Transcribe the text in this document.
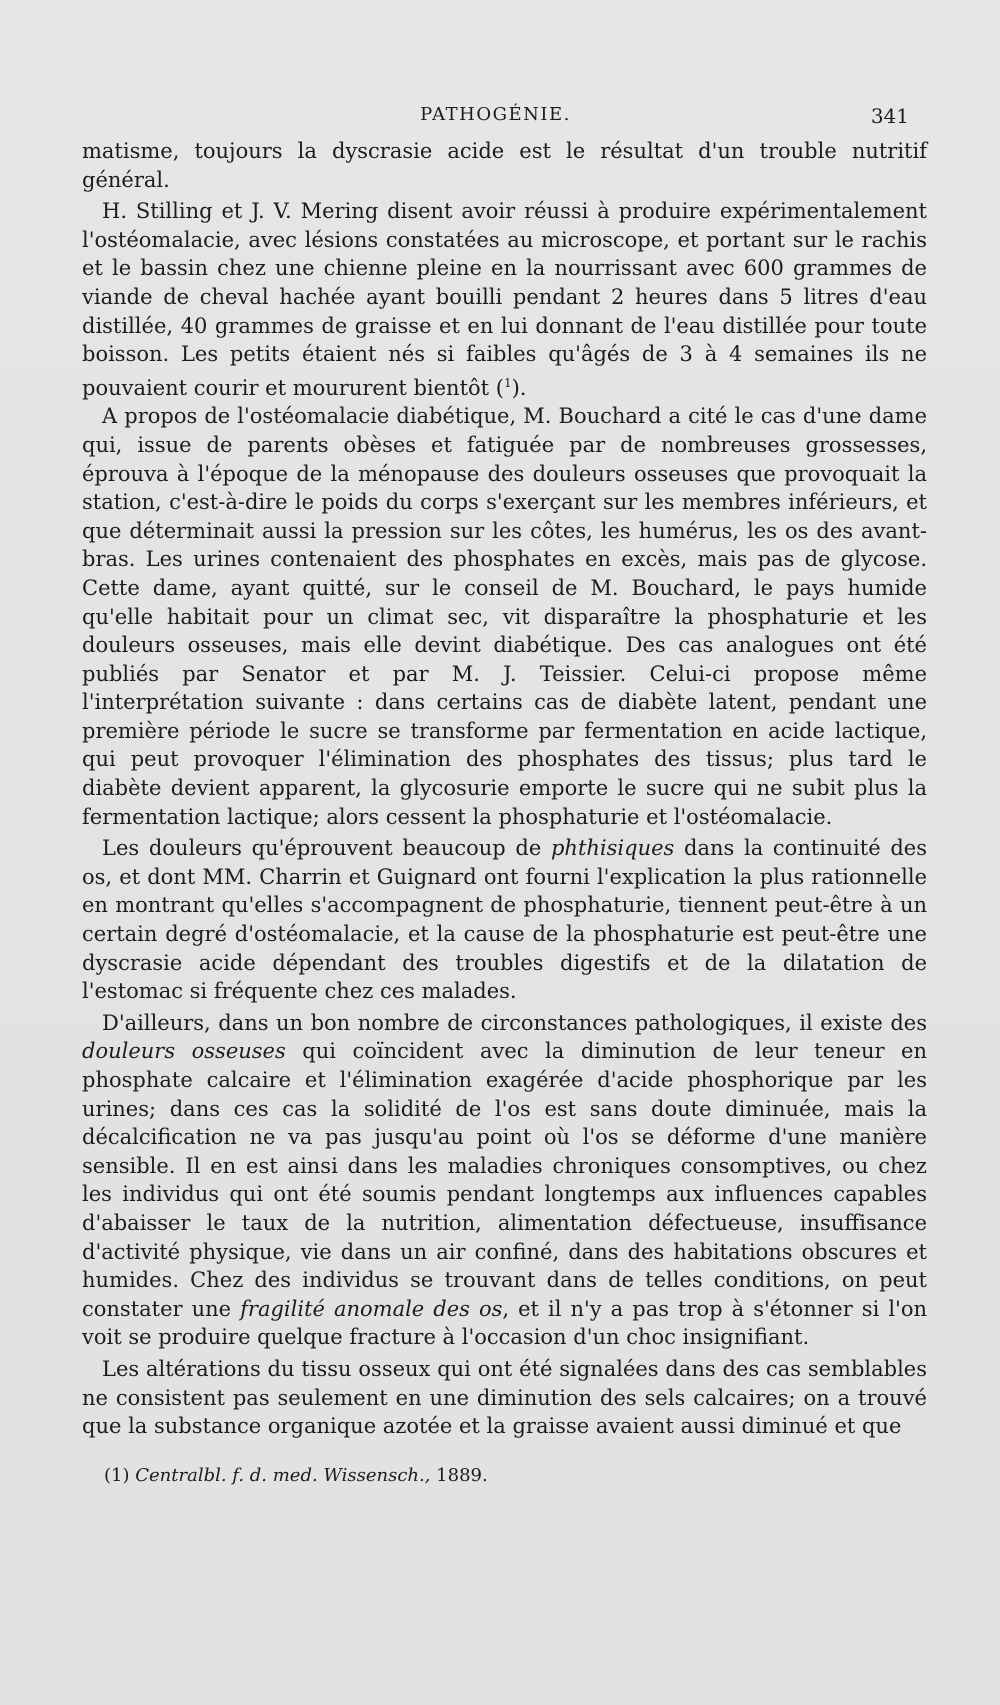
PATHOGÉNIE.	341

matisme, toujours la dyscrasie acide est le résultat d'un trouble nutritif général.

H. Stilling et J. V. Mering disent avoir réussi à produire expérimentalement l'ostéomalacie, avec lésions constatées au microscope, et portant sur le rachis et le bassin chez une chienne pleine en la nourrissant avec 600 grammes de viande de cheval hachée ayant bouilli pendant 2 heures dans 5 litres d'eau distillée, 40 grammes de graisse et en lui donnant de l'eau distillée pour toute boisson. Les petits étaient nés si faibles qu'âgés de 3 à 4 semaines ils ne pouvaient courir et moururent bientôt ($^1$).

A propos de l'ostéomalacie diabétique, M. Bouchard a cité le cas d'une dame qui, issue de parents obèses et fatiguée par de nombreuses grossesses, éprouva à l'époque de la ménopause des douleurs osseuses que provoquait la station, c'est-à-dire le poids du corps s'exerçant sur les membres inférieurs, et que déterminait aussi la pression sur les côtes, les humérus, les os des avant-bras. Les urines contenaient des phosphates en excès, mais pas de glycose. Cette dame, ayant quitté, sur le conseil de M. Bouchard, le pays humide qu'elle habitait pour un climat sec, vit disparaître la phosphaturie et les douleurs osseuses, mais elle devint diabétique. Des cas analogues ont été publiés par Senator et par M. J. Teissier. Celui-ci propose même l'interprétation suivante : dans certains cas de diabète latent, pendant une première période le sucre se transforme par fermentation en acide lactique, qui peut provoquer l'élimination des phosphates des tissus; plus tard le diabète devient apparent, la glycosurie emporte le sucre qui ne subit plus la fermentation lactique; alors cessent la phosphaturie et l'ostéomalacie.

Les douleurs qu'éprouvent beaucoup de phthisiques dans la continuité des os, et dont MM. Charrin et Guignard ont fourni l'explication la plus rationnelle en montrant qu'elles s'accompagnent de phosphaturie, tiennent peut-être à un certain degré d'ostéomalacie, et la cause de la phosphaturie est peut-être une dyscrasie acide dépendant des troubles digestifs et de la dilatation de l'estomac si fréquente chez ces malades.

D'ailleurs, dans un bon nombre de circonstances pathologiques, il existe des douleurs osseuses qui coïncident avec la diminution de leur teneur en phosphate calcaire et l'élimination exagérée d'acide phosphorique par les urines; dans ces cas la solidité de l'os est sans doute diminuée, mais la décalcification ne va pas jusqu'au point où l'os se déforme d'une manière sensible. Il en est ainsi dans les maladies chroniques consomptives, ou chez les individus qui ont été soumis pendant longtemps aux influences capables d'abaisser le taux de la nutrition, alimentation défectueuse, insuffisance d'activité physique, vie dans un air confiné, dans des habitations obscures et humides. Chez des individus se trouvant dans de telles conditions, on peut constater une fragilité anomale des os, et il n'y a pas trop à s'étonner si l'on voit se produire quelque fracture à l'occasion d'un choc insignifiant.

Les altérations du tissu osseux qui ont été signalées dans des cas semblables ne consistent pas seulement en une diminution des sels calcaires; on a trouvé que la substance organique azotée et la graisse avaient aussi diminué et que

(1) Centralbl. f. d. med. Wissensch., 1889.
